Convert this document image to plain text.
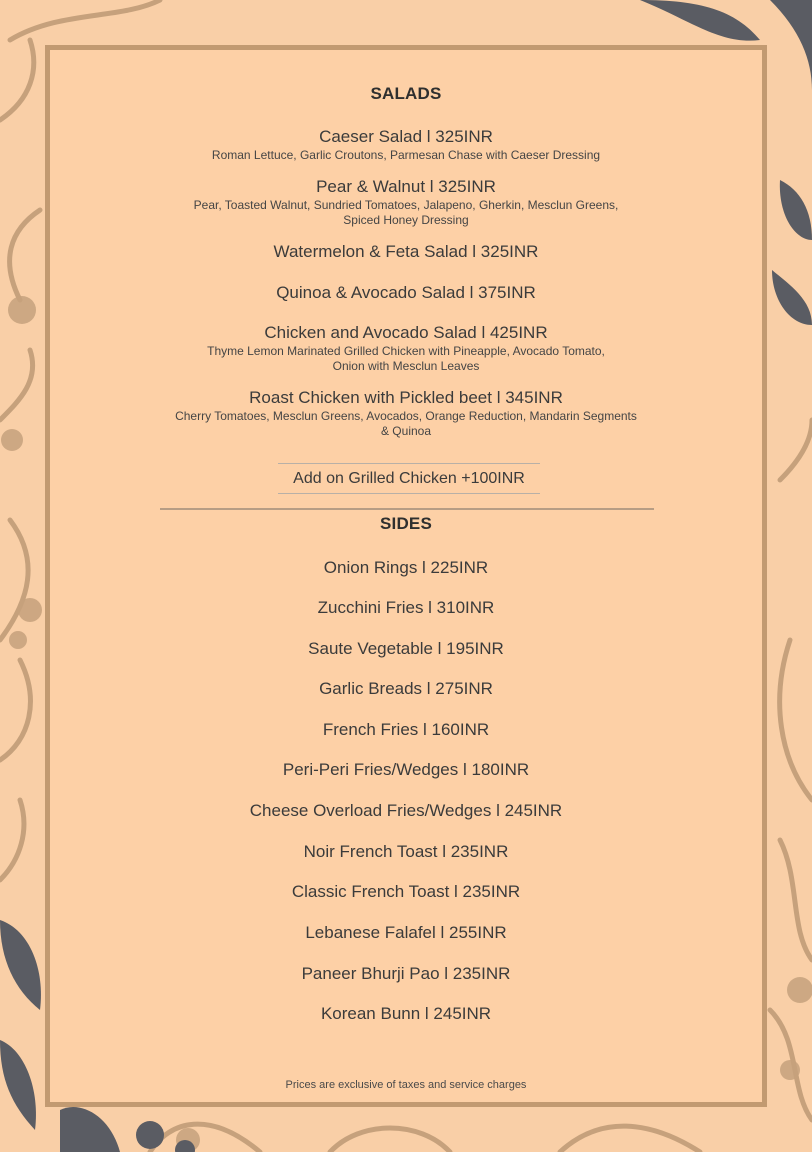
SALADS
Caeser Salad l 325INR
Roman Lettuce, Garlic Croutons, Parmesan Chase with Caeser Dressing
Pear & Walnut l 325INR
Pear, Toasted Walnut, Sundried Tomatoes, Jalapeno, Gherkin, Mesclun Greens,
Spiced Honey Dressing
Watermelon & Feta Salad l 325INR
Quinoa & Avocado Salad l 375INR
Chicken and Avocado Salad l 425INR
Thyme Lemon Marinated Grilled Chicken with Pineapple, Avocado Tomato,
Onion with Mesclun Leaves
Roast Chicken with Pickled beet l 345INR
Cherry Tomatoes, Mesclun Greens, Avocados, Orange Reduction, Mandarin Segments
& Quinoa
Add on Grilled Chicken +100INR
SIDES
Onion Rings l 225INR
Zucchini Fries l 310INR
Saute Vegetable l 195INR
Garlic Breads l 275INR
French Fries l 160INR
Peri-Peri Fries/Wedges l 180INR
Cheese Overload Fries/Wedges l 245INR
Noir French Toast l 235INR
Classic French Toast l 235INR
Lebanese Falafel l 255INR
Paneer Bhurji Pao l 235INR
Korean Bunn l 245INR
Prices are exclusive of taxes and service charges
